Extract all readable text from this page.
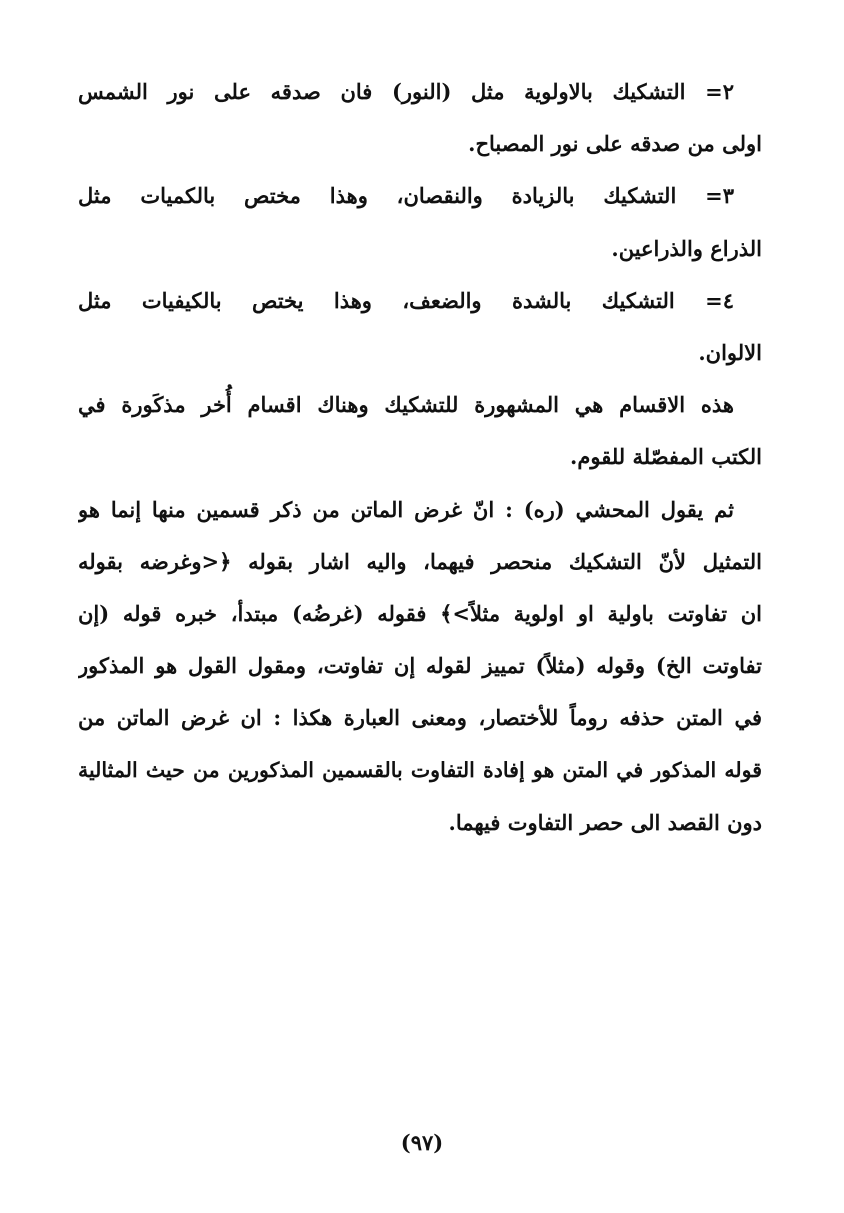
٢= التشكيك بالاولوية مثل (النور) فان صدقه على نور الشمس
اولى من صدقه على نور المصباح.
٣= التشكيك بالزيادة والنقصان، وهذا مختص بالكميات مثل
الذراع والذراعين.
٤= التشكيك بالشدة والضعف، وهذا يختص بالكيفيات مثل
الالوان.
هذه الاقسام هي المشهورة للتشكيك وهناك اقسام أُخر مذكَورة في
الكتب المفصّلة للقوم.
ثم يقول المحشي (ره) : انّ غرض الماتن من ذكر قسمين منها إنما هو
التمثيل لأنّ التشكيك منحصر فيهما، واليه اشار بقوله ﴿<وغرضه بقوله
ان تفاوتت باولية او اولوية مثلاً>﴾ فقوله (غرضُه) مبتدأ، خبره قوله (إن
تفاوتت الخ) وقوله (مثلاً) تمييز لقوله إن تفاوتت، ومقول القول هو المذكور
في المتن حذفه روماً للأختصار، ومعنى العبارة هكذا : ان غرض الماتن من
قوله المذكور في المتن هو إفادة التفاوت بالقسمين المذكورين من حيث المثالية
دون القصد الى حصر التفاوت فيهما.
(٩٧)
